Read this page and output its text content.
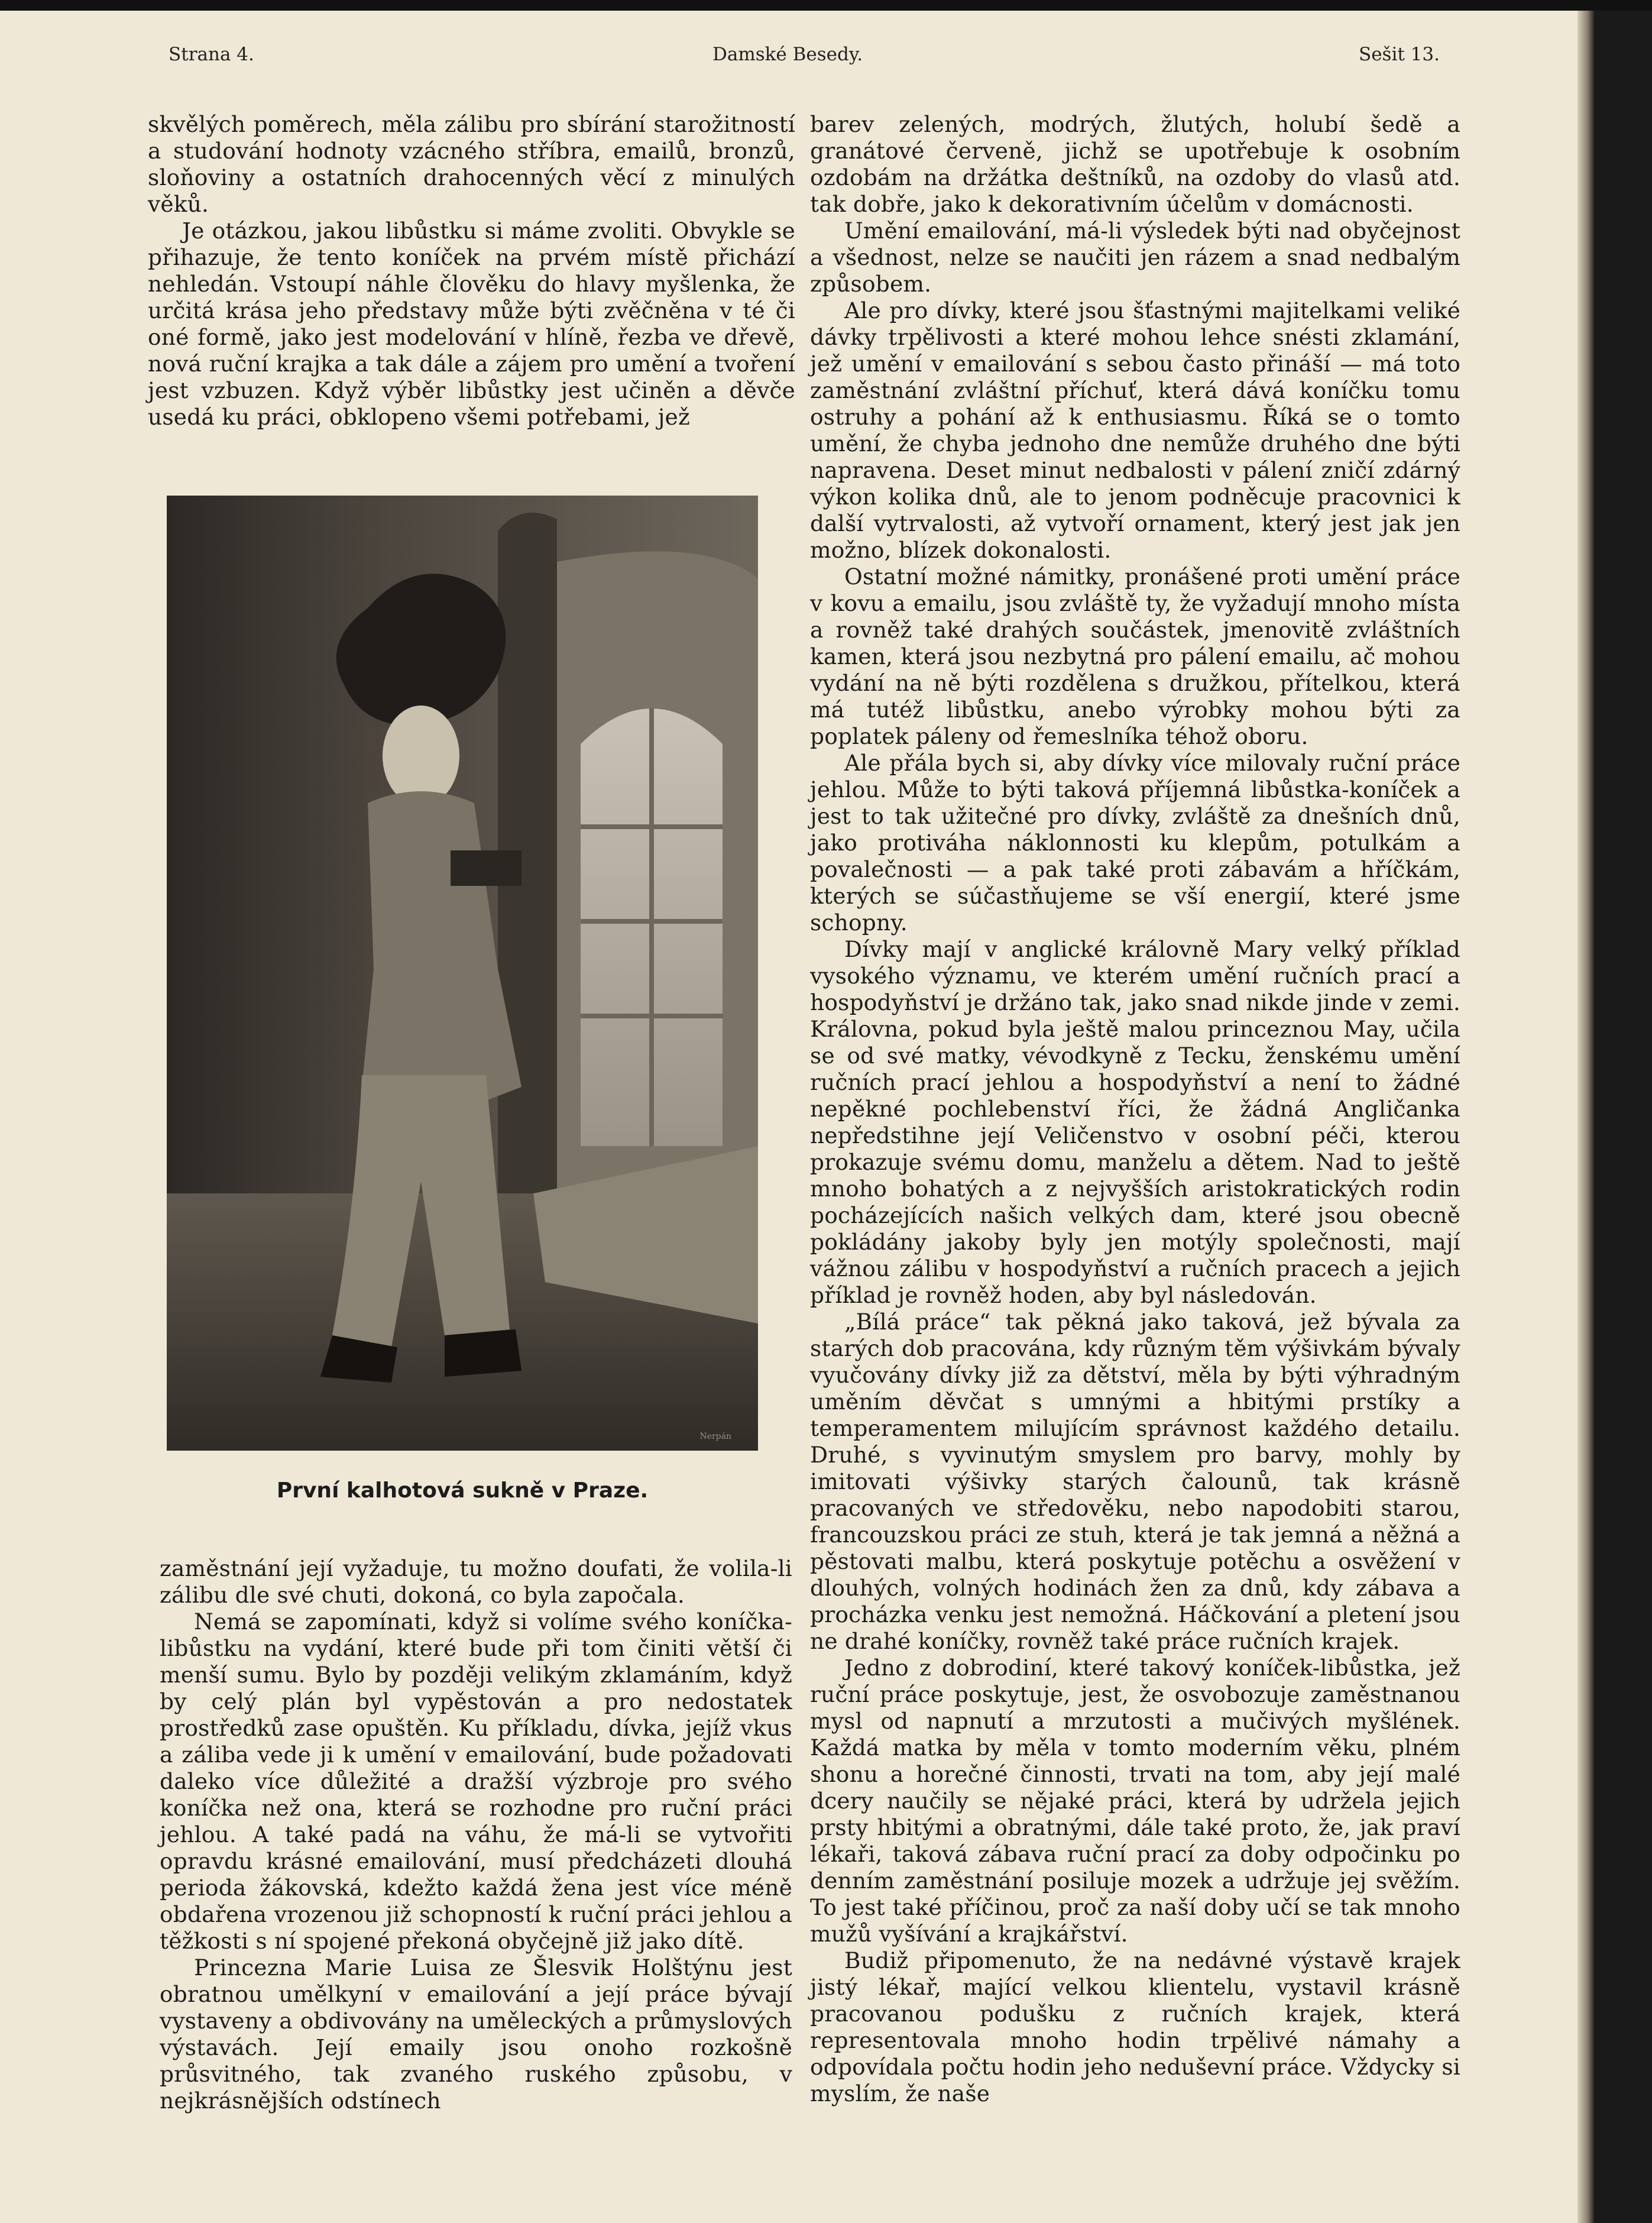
Strana 4.	Damské Besedy.	Sešit 13.

skvělých poměrech, měla zálibu pro sbírání starožitností a studování hodnoty vzácného stříbra, emailů, bronzů, sloňoviny a ostatních drahocenných věcí z minulých věků.

Je otázkou, jakou libůstku si máme zvoliti. Obvykle se přihazuje, že tento koníček na prvém místě přichází nehledán. Vstoupí náhle člověku do hlavy myšlenka, že určitá krása jeho představy může býti zvěčněna v té či oné formě, jako jest modelování v hlíně, řezba ve dřevě, nová ruční krajka a tak dále a zájem pro umění a tvoření jest vzbuzen. Když výběr libůstky jest učiněn a děvče usedá ku práci, obklopeno všemi potřebami, jež

Nerpán
První kalhotová sukně v Praze.

zaměstnání její vyžaduje, tu možno doufati, že volila-li zálibu dle své chuti, dokoná, co byla započala.

Nemá se zapomínati, když si volíme svého koníčka-libůstku na vydání, které bude při tom činiti větší či menší sumu. Bylo by později velikým zklamáním, když by celý plán byl vypěstován a pro nedostatek prostředků zase opuštěn. Ku příkladu, dívka, jejíž vkus a záliba vede ji k umění v emailování, bude požadovati daleko více důležité a dražší výzbroje pro svého koníčka než ona, která se rozhodne pro ruční práci jehlou. A také padá na váhu, že má-li se vytvořiti opravdu krásné emailování, musí předcházeti dlouhá perioda žákovská, kdežto každá žena jest více méně obdařena vrozenou již schopností k ruční práci jehlou a těžkosti s ní spojené překoná obyčejně již jako dítě.

Princezna Marie Luisa ze Šlesvik Holštýnu jest obratnou umělkyní v emailování a její práce bývají vystaveny a obdivovány na uměleckých a průmyslových výstavách. Její emaily jsou onoho rozkošně průsvitného, tak zvaného ruského způsobu, v nejkrásnějších odstínech

barev zelených, modrých, žlutých, holubí šedě a granátové červeně, jichž se upotřebuje k osobním ozdobám na držátka deštníků, na ozdoby do vlasů atd. tak dobře, jako k dekorativním účelům v domácnosti.

Umění emailování, má-li výsledek býti nad obyčejnost a všednost, nelze se naučiti jen rázem a snad nedbalým způsobem.

Ale pro dívky, které jsou šťastnými majitelkami veliké dávky trpělivosti a které mohou lehce snésti zklamání, jež umění v emailování s sebou často přináší — má toto zaměstnání zvláštní příchuť, která dává koníčku tomu ostruhy a pohání až k enthusiasmu. Říká se o tomto umění, že chyba jednoho dne nemůže druhého dne býti napravena. Deset minut nedbalosti v pálení zničí zdárný výkon kolika dnů, ale to jenom podněcuje pracovnici k další vytrvalosti, až vytvoří ornament, který jest jak jen možno, blízek dokonalosti.

Ostatní možné námitky, pronášené proti umění práce v kovu a emailu, jsou zvláště ty, že vyžadují mnoho místa a rovněž také drahých součástek, jmenovitě zvláštních kamen, která jsou nezbytná pro pálení emailu, ač mohou vydání na ně býti rozdělena s družkou, přítelkou, která má tutéž libůstku, anebo výrobky mohou býti za poplatek páleny od řemeslníka téhož oboru.

Ale přála bych si, aby dívky více milovaly ruční práce jehlou. Může to býti taková příjemná libůstka-koníček a jest to tak užitečné pro dívky, zvláště za dnešních dnů, jako protiváha náklonnosti ku klepům, potulkám a povalečnosti — a pak také proti zábavám a hříčkám, kterých se súčastňujeme se vší energií, které jsme schopny.

Dívky mají v anglické královně Mary velký příklad vysokého významu, ve kterém umění ručních prací a hospodyňství je držáno tak, jako snad nikde jinde v zemi. Královna, pokud byla ještě malou princeznou May, učila se od své matky, vévodkyně z Tecku, ženskému umění ručních prací jehlou a hospodyňství a není to žádné nepěkné pochlebenství říci, že žádná Angličanka nepředstihne její Veličenstvo v osobní péči, kterou prokazuje svému domu, manželu a dětem. Nad to ještě mnoho bohatých a z nejvyšších aristokratických rodin pocházejících našich velkých dam, které jsou obecně pokládány jakoby byly jen motýly společnosti, mají vážnou zálibu v hospodyňství a ručních pracech a jejich příklad je rovněž hoden, aby byl následován.

„Bílá práce“ tak pěkná jako taková, jež bývala za starých dob pracována, kdy různým těm výšivkám bývaly vyučovány dívky již za dětství, měla by býti výhradným uměním děvčat s umnými a hbitými prstíky a temperamentem milujícím správnost každého detailu. Druhé, s vyvinutým smyslem pro barvy, mohly by imitovati výšivky starých čalounů, tak krásně pracovaných ve středověku, nebo napodobiti starou, francouzskou práci ze stuh, která je tak jemná a něžná a pěstovati malbu, která poskytuje potěchu a osvěžení v dlouhých, volných hodinách žen za dnů, kdy zábava a procházka venku jest nemožná. Háčkování a pletení jsou ne drahé koníčky, rovněž také práce ručních krajek.

Jedno z dobrodiní, které takový koníček-libůstka, jež ruční práce poskytuje, jest, že osvobozuje zaměstnanou mysl od napnutí a mrzutosti a mučivých myšlének. Každá matka by měla v tomto moderním věku, plném shonu a horečné činnosti, trvati na tom, aby její malé dcery naučily se nějaké práci, která by udržela jejich prsty hbitými a obratnými, dále také proto, že, jak praví lékaři, taková zábava ruční prací za doby odpočinku po denním zaměstnání posiluje mozek a udržuje jej svěžím. To jest také příčinou, proč za naší doby učí se tak mnoho mužů vyšívání a krajkářství.

Budiž připomenuto, že na nedávné výstavě krajek jistý lékař, mající velkou klientelu, vystavil krásně pracovanou podušku z ručních krajek, která representovala mnoho hodin trpělivé námahy a odpovídala počtu hodin jeho neduševní práce. Vždycky si myslím, že naše
